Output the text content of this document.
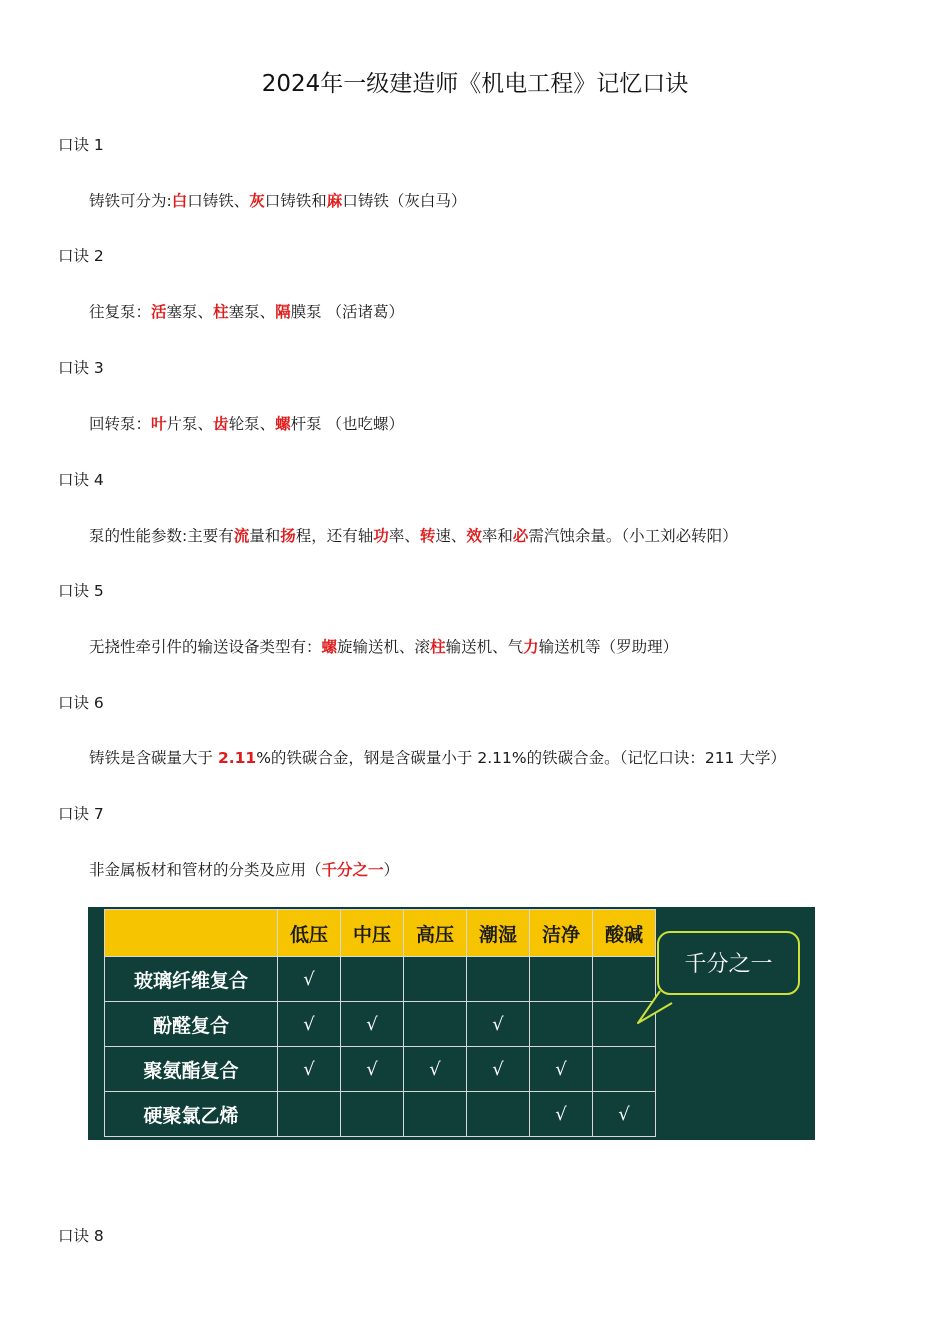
2024年一级建造师《机电工程》记忆口诀
口诀 1
铸铁可分为:白口铸铁、灰口铸铁和麻口铸铁（灰白马）
口诀 2
往复泵：活塞泵、柱塞泵、隔膜泵 （活诸葛）
口诀 3
回转泵：叶片泵、齿轮泵、螺杆泵 （也吃螺）
口诀 4
泵的性能参数:主要有流量和扬程，还有轴功率、转速、效率和必需汽蚀余量。（小工刘必转阳）
口诀 5
无挠性牵引件的输送设备类型有：螺旋输送机、滚柱输送机、气力输送机等（罗助理）
口诀 6
铸铁是含碳量大于 2.11%的铁碳合金，钢是含碳量小于 2.11%的铁碳合金。（记忆口诀：211 大学）
口诀 7
非金属板材和管材的分类及应用（千分之一）
	低压	中压	高压	潮湿	洁净	酸碱
玻璃纤维复合	√					
酚醛复合	√	√		√		
聚氨酯复合	√	√	√	√	√	
硬聚氯乙烯					√	√
千分之一
口诀 8
